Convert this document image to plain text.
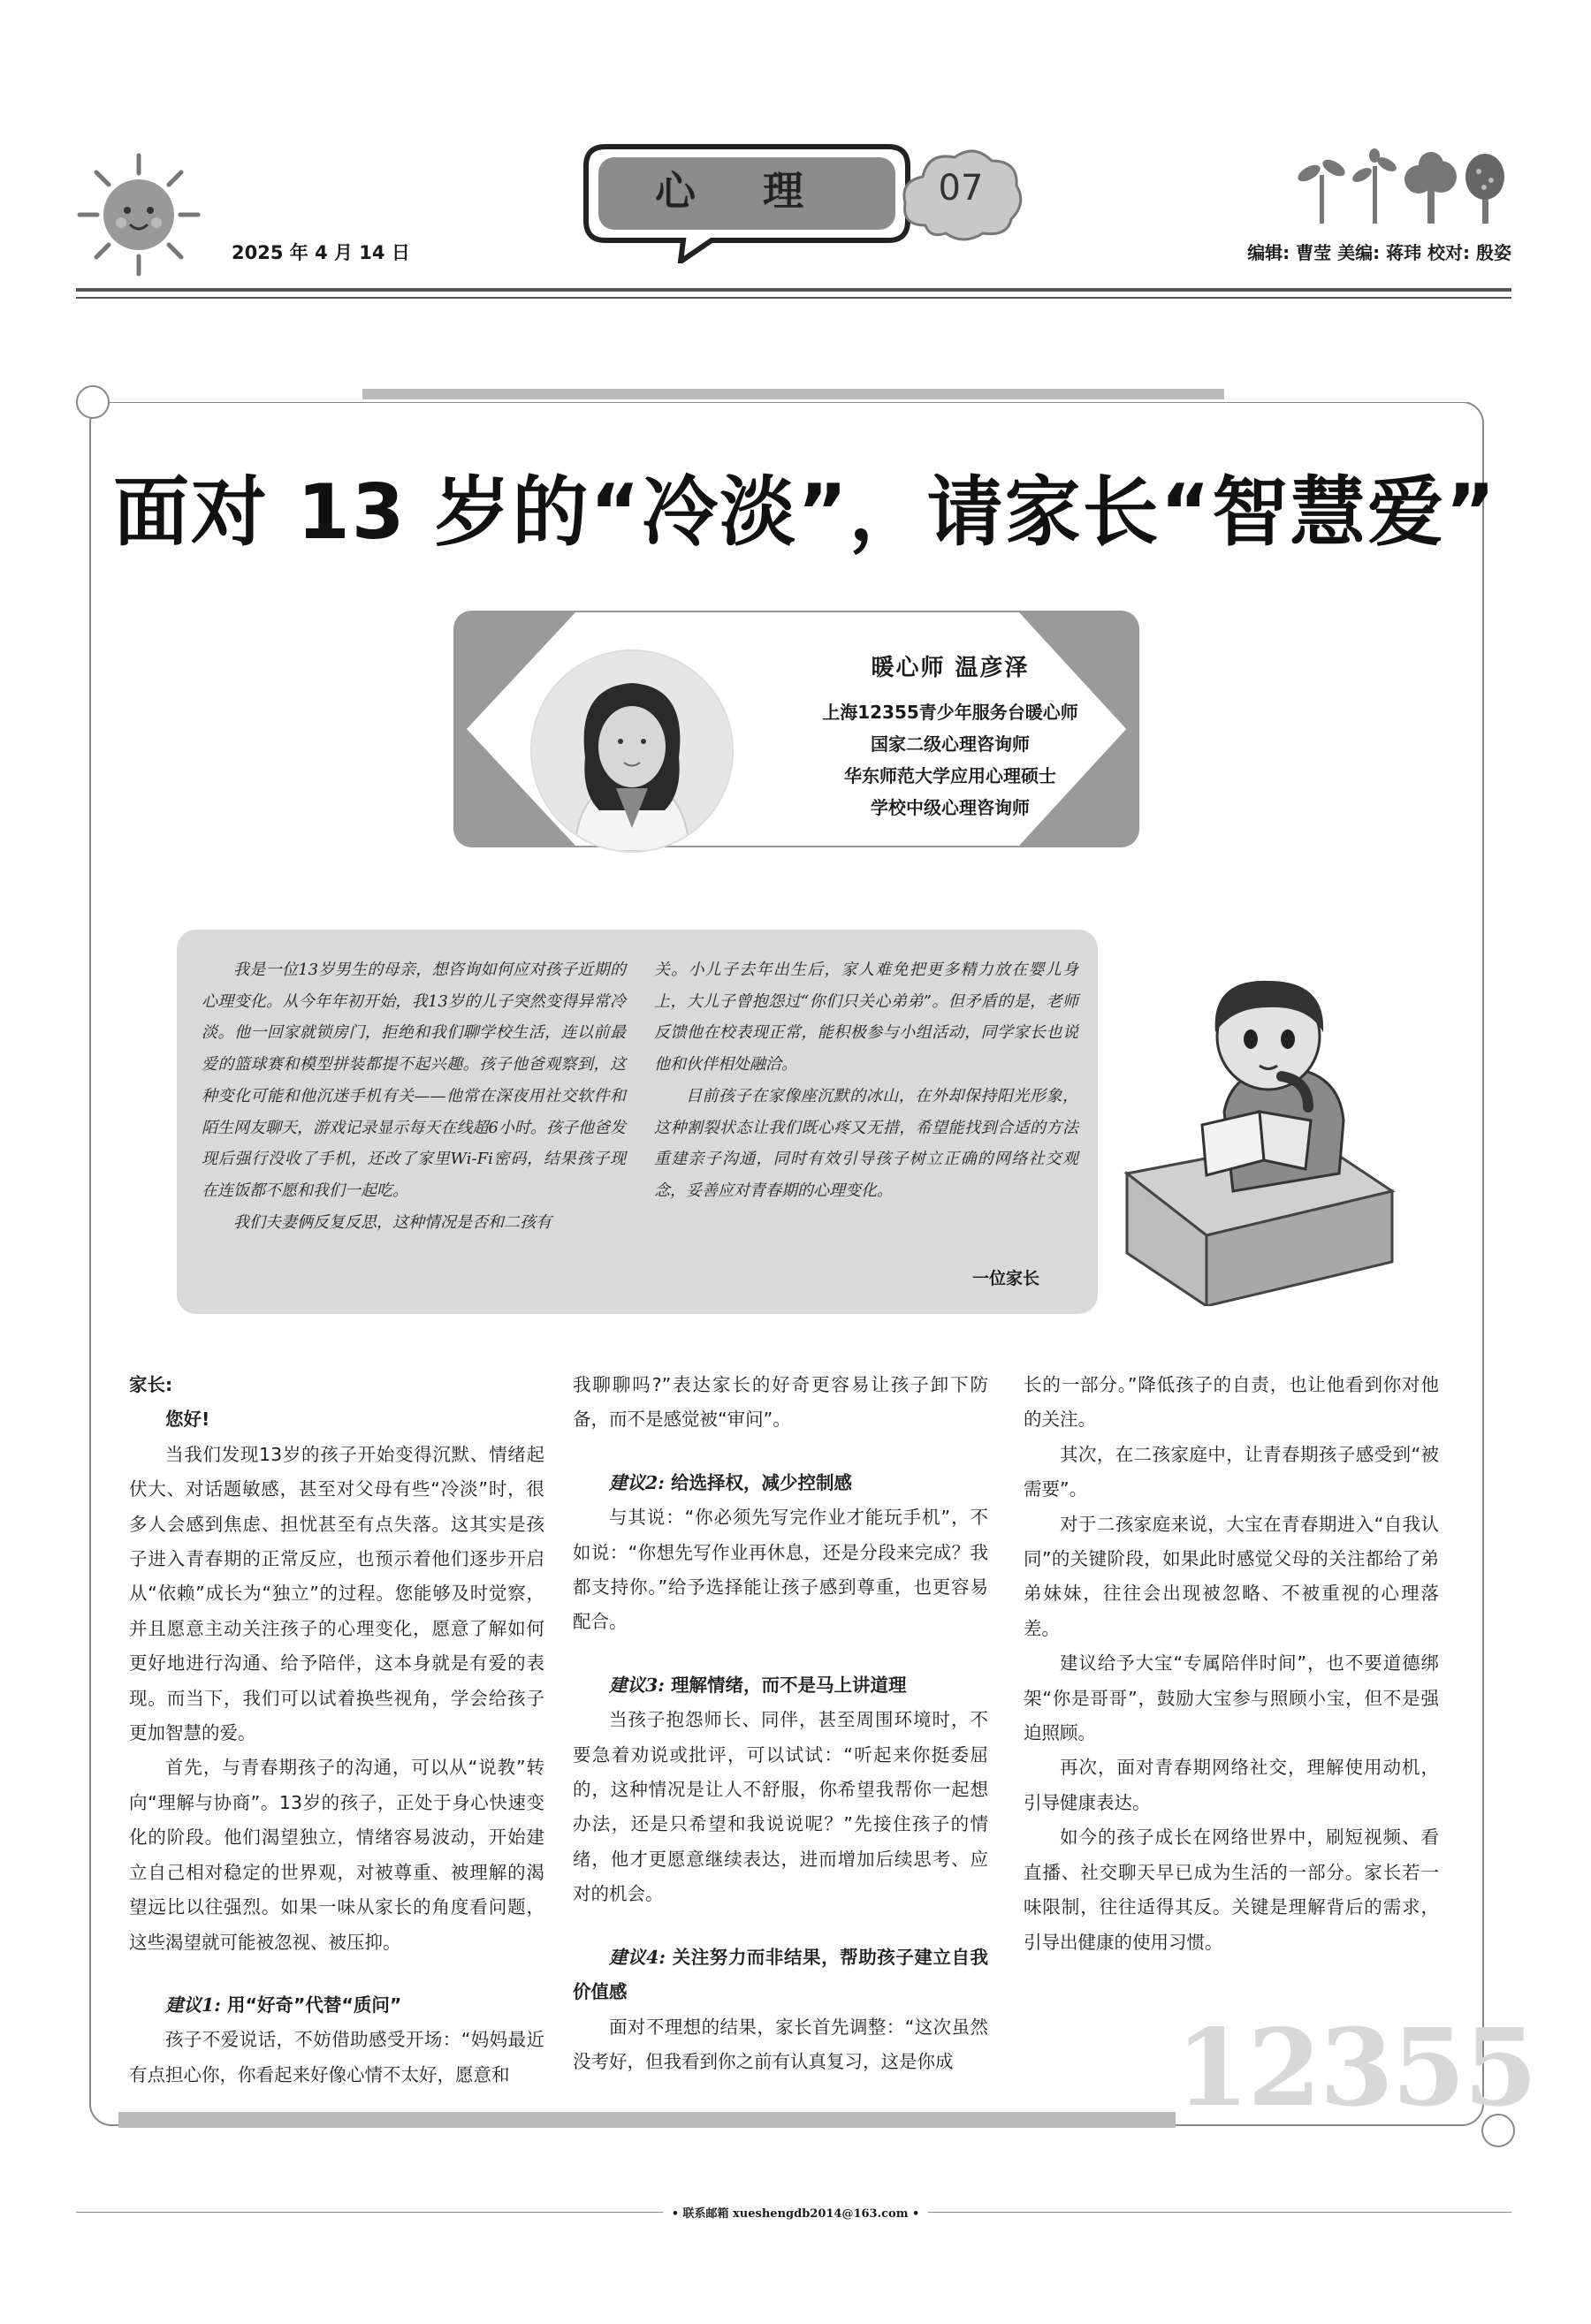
2025 年 4 月 14 日
心 理	07
编辑: 曹莹 美编: 蒋玮 校对: 殷姿
面对 13 岁的“冷淡”，请家长“智慧爱”
暖心师 温彦泽
上海12355青少年服务台暖心师
国家二级心理咨询师
华东师范大学应用心理硕士
学校中级心理咨询师

我是一位13岁男生的母亲，想咨询如何应对孩子近期的心理变化。从今年年初开始，我13岁的儿子突然变得异常冷淡。他一回家就锁房门，拒绝和我们聊学校生活，连以前最爱的篮球赛和模型拼装都提不起兴趣。孩子他爸观察到，这种变化可能和他沉迷手机有关——他常在深夜用社交软件和陌生网友聊天，游戏记录显示每天在线超6小时。孩子他爸发现后强行没收了手机，还改了家里Wi-Fi密码，结果孩子现在连饭都不愿和我们一起吃。

我们夫妻俩反复反思，这种情况是否和二孩有

关。小儿子去年出生后，家人难免把更多精力放在婴儿身上，大儿子曾抱怨过“你们只关心弟弟”。但矛盾的是，老师反馈他在校表现正常，能积极参与小组活动，同学家长也说他和伙伴相处融洽。

目前孩子在家像座沉默的冰山，在外却保持阳光形象，这种割裂状态让我们既心疼又无措，希望能找到合适的方法重建亲子沟通，同时有效引导孩子树立正确的网络社交观念，妥善应对青春期的心理变化。

一位家长

家长:

您好!

当我们发现13岁的孩子开始变得沉默、情绪起伏大、对话题敏感，甚至对父母有些“冷淡”时，很多人会感到焦虑、担忧甚至有点失落。这其实是孩子进入青春期的正常反应，也预示着他们逐步开启从“依赖”成长为“独立”的过程。您能够及时觉察，并且愿意主动关注孩子的心理变化，愿意了解如何更好地进行沟通、给予陪伴，这本身就是有爱的表现。而当下，我们可以试着换些视角，学会给孩子更加智慧的爱。

首先，与青春期孩子的沟通，可以从“说教”转向“理解与协商”。13岁的孩子，正处于身心快速变化的阶段。他们渴望独立，情绪容易波动，开始建立自己相对稳定的世界观，对被尊重、被理解的渴望远比以往强烈。如果一味从家长的角度看问题，这些渴望就可能被忽视、被压抑。

建议1: 用“好奇”代替“质问”

孩子不爱说话，不妨借助感受开场：“妈妈最近有点担心你，你看起来好像心情不太好，愿意和

我聊聊吗?”表达家长的好奇更容易让孩子卸下防备，而不是感觉被“审问”。

建议2: 给选择权，减少控制感

与其说：“你必须先写完作业才能玩手机”，不如说：“你想先写作业再休息，还是分段来完成？我都支持你。”给予选择能让孩子感到尊重，也更容易配合。

建议3: 理解情绪，而不是马上讲道理

当孩子抱怨师长、同伴，甚至周围环境时，不要急着劝说或批评，可以试试：“听起来你挺委屈的，这种情况是让人不舒服，你希望我帮你一起想办法，还是只希望和我说说呢？”先接住孩子的情绪，他才更愿意继续表达，进而增加后续思考、应对的机会。

建议4: 关注努力而非结果，帮助孩子建立自我价值感

面对不理想的结果，家长首先调整：“这次虽然没考好，但我看到你之前有认真复习，这是你成

长的一部分。”降低孩子的自责，也让他看到你对他的关注。

其次，在二孩家庭中，让青春期孩子感受到“被需要”。

对于二孩家庭来说，大宝在青春期进入“自我认同”的关键阶段，如果此时感觉父母的关注都给了弟弟妹妹，往往会出现被忽略、不被重视的心理落差。

建议给予大宝“专属陪伴时间”，也不要道德绑架“你是哥哥”，鼓励大宝参与照顾小宝，但不是强迫照顾。

再次，面对青春期网络社交，理解使用动机，引导健康表达。

如今的孩子成长在网络世界中，刷短视频、看直播、社交聊天早已成为生活的一部分。家长若一味限制，往往适得其反。关键是理解背后的需求，引导出健康的使用习惯。

12355
• 联系邮箱 xueshengdb2014@163.com •
